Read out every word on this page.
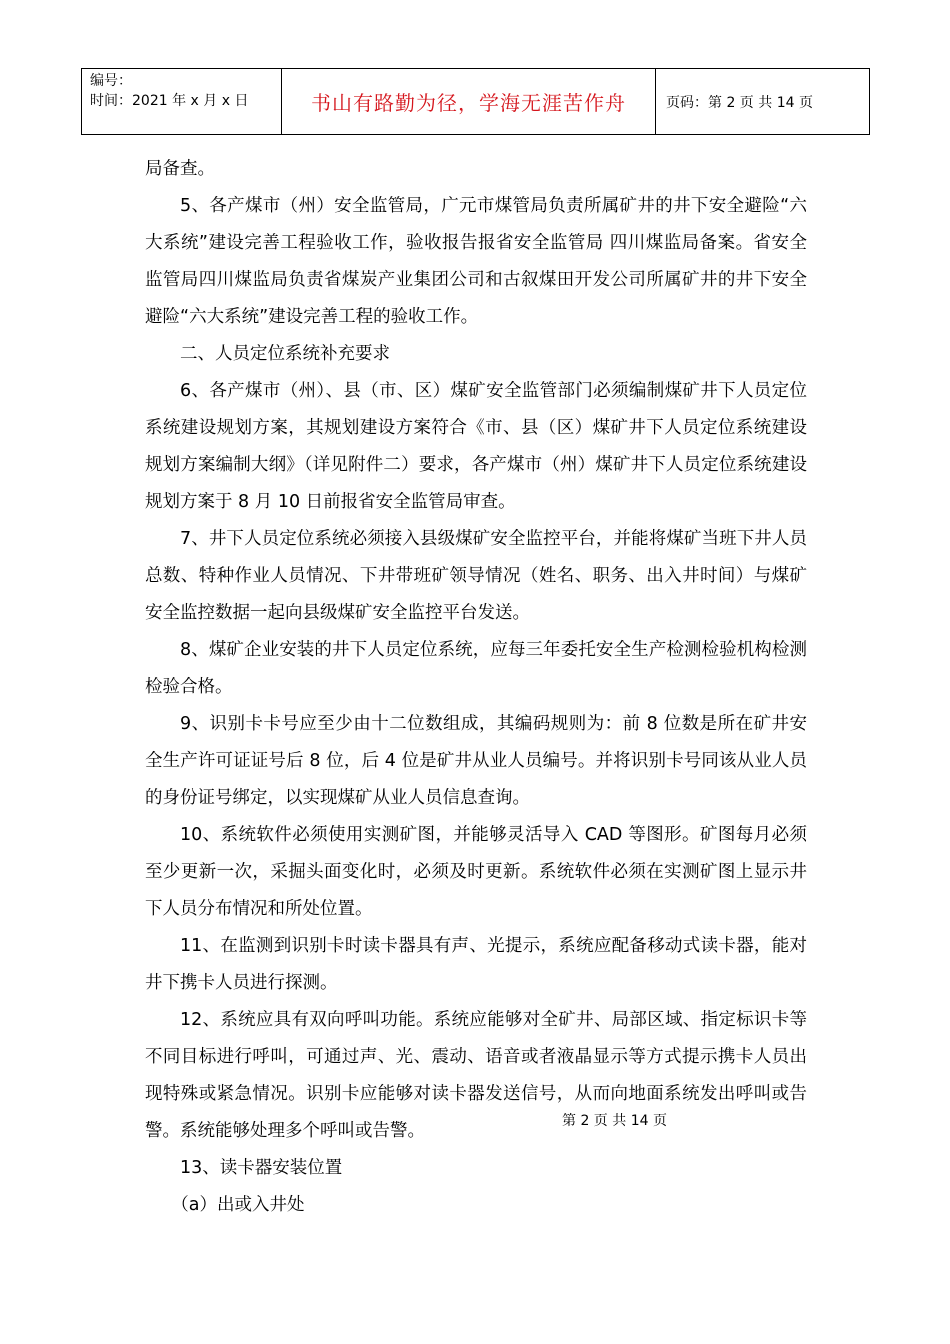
编号：
时间：2021 年 x 月 x 日	书山有路勤为径，学海无涯苦作舟	页码：第 2 页 共 14 页

局备查。

5、各产煤市（州）安全监管局，广元市煤管局负责所属矿井的井下安全避险“六大系统”建设完善工程验收工作，验收报告报省安全监管局 四川煤监局备案。省安全监管局四川煤监局负责省煤炭产业集团公司和古叙煤田开发公司所属矿井的井下安全避险“六大系统”建设完善工程的验收工作。

二、人员定位系统补充要求

6、各产煤市（州）、县（市、区）煤矿安全监管部门必须编制煤矿井下人员定位系统建设规划方案，其规划建设方案符合《市、县（区）煤矿井下人员定位系统建设规划方案编制大纲》（详见附件二）要求，各产煤市（州）煤矿井下人员定位系统建设规划方案于 8 月 10 日前报省安全监管局审查。

7、井下人员定位系统必须接入县级煤矿安全监控平台，并能将煤矿当班下井人员总数、特种作业人员情况、下井带班矿领导情况（姓名、职务、出入井时间）与煤矿安全监控数据一起向县级煤矿安全监控平台发送。

8、煤矿企业安装的井下人员定位系统，应每三年委托安全生产检测检验机构检测检验合格。

9、识别卡卡号应至少由十二位数组成，其编码规则为：前 8 位数是所在矿井安全生产许可证证号后 8 位，后 4 位是矿井从业人员编号。并将识别卡号同该从业人员的身份证号绑定，以实现煤矿从业人员信息查询。

10、系统软件必须使用实测矿图，并能够灵活导入 CAD 等图形。矿图每月必须至少更新一次，采掘头面变化时，必须及时更新。系统软件必须在实测矿图上显示井下人员分布情况和所处位置。

11、在监测到识别卡时读卡器具有声、光提示，系统应配备移动式读卡器，能对井下携卡人员进行探测。

12、系统应具有双向呼叫功能。系统应能够对全矿井、局部区域、指定标识卡等不同目标进行呼叫，可通过声、光、震动、语音或者液晶显示等方式提示携卡人员出现特殊或紧急情况。识别卡应能够对读卡器发送信号，从而向地面系统发出呼叫或告警。系统能够处理多个呼叫或告警。

13、读卡器安装位置

（a）出或入井处

第 2 页 共 14 页
